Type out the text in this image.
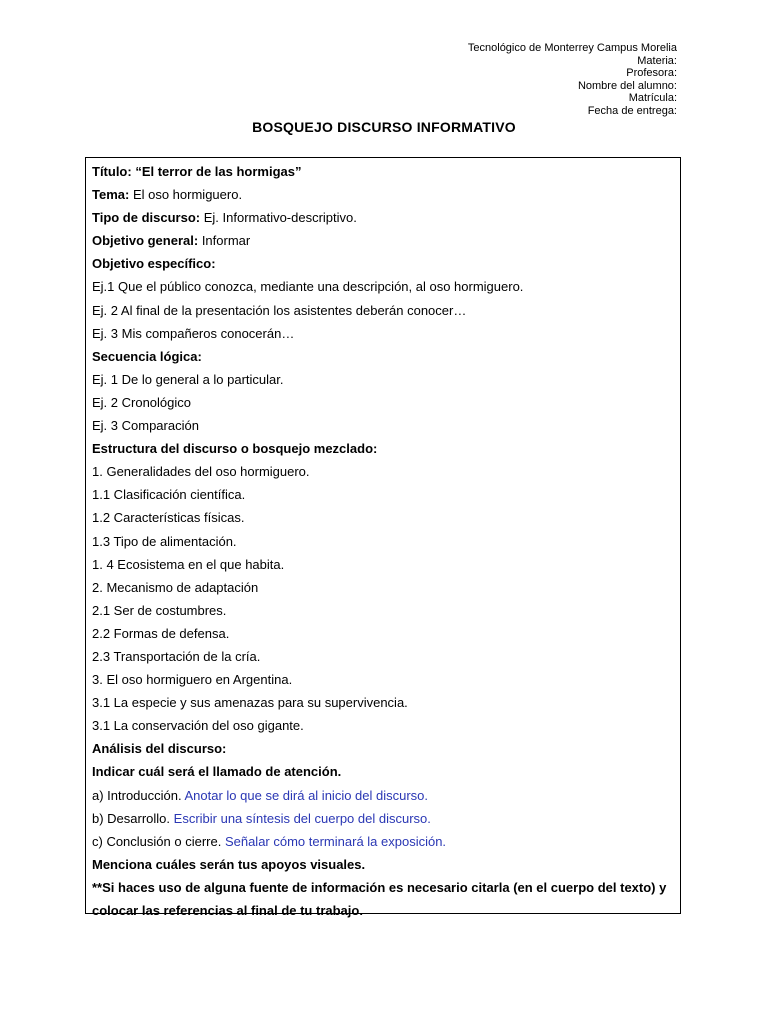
Tecnológico de Monterrey Campus Morelia
Materia:
Profesora:
Nombre del alumno:
Matrícula:
Fecha de entrega:
BOSQUEJO DISCURSO INFORMATIVO
Título: “El terror de las hormigas”
Tema: El oso hormiguero.
Tipo de discurso: Ej. Informativo-descriptivo.
Objetivo general: Informar
Objetivo específico:
Ej.1 Que el público conozca, mediante una descripción, al oso hormiguero.
Ej. 2 Al final de la presentación los asistentes deberán conocer…
Ej. 3 Mis compañeros conocerán…
Secuencia lógica:
Ej. 1 De lo general a lo particular.
Ej. 2 Cronológico
Ej. 3 Comparación
Estructura del discurso o bosquejo mezclado:
1. Generalidades del oso hormiguero.
1.1 Clasificación científica.
1.2 Características físicas.
1.3 Tipo de alimentación.
1. 4 Ecosistema en el que habita.
2. Mecanismo de adaptación
2.1 Ser de costumbres.
2.2 Formas de defensa.
2.3 Transportación de la cría.
3. El oso hormiguero en Argentina.
3.1 La especie y sus amenazas para su supervivencia.
3.1 La conservación del oso gigante.
Análisis del discurso:
Indicar cuál será el llamado de atención.
a) Introducción. Anotar lo que se dirá al inicio del discurso.
b) Desarrollo. Escribir una síntesis del cuerpo del discurso.
c) Conclusión o cierre. Señalar cómo terminará la exposición.
Menciona cuáles serán tus apoyos visuales.
**Si haces uso de alguna fuente de información es necesario citarla (en el cuerpo del texto) y colocar las referencias al final de tu trabajo.
